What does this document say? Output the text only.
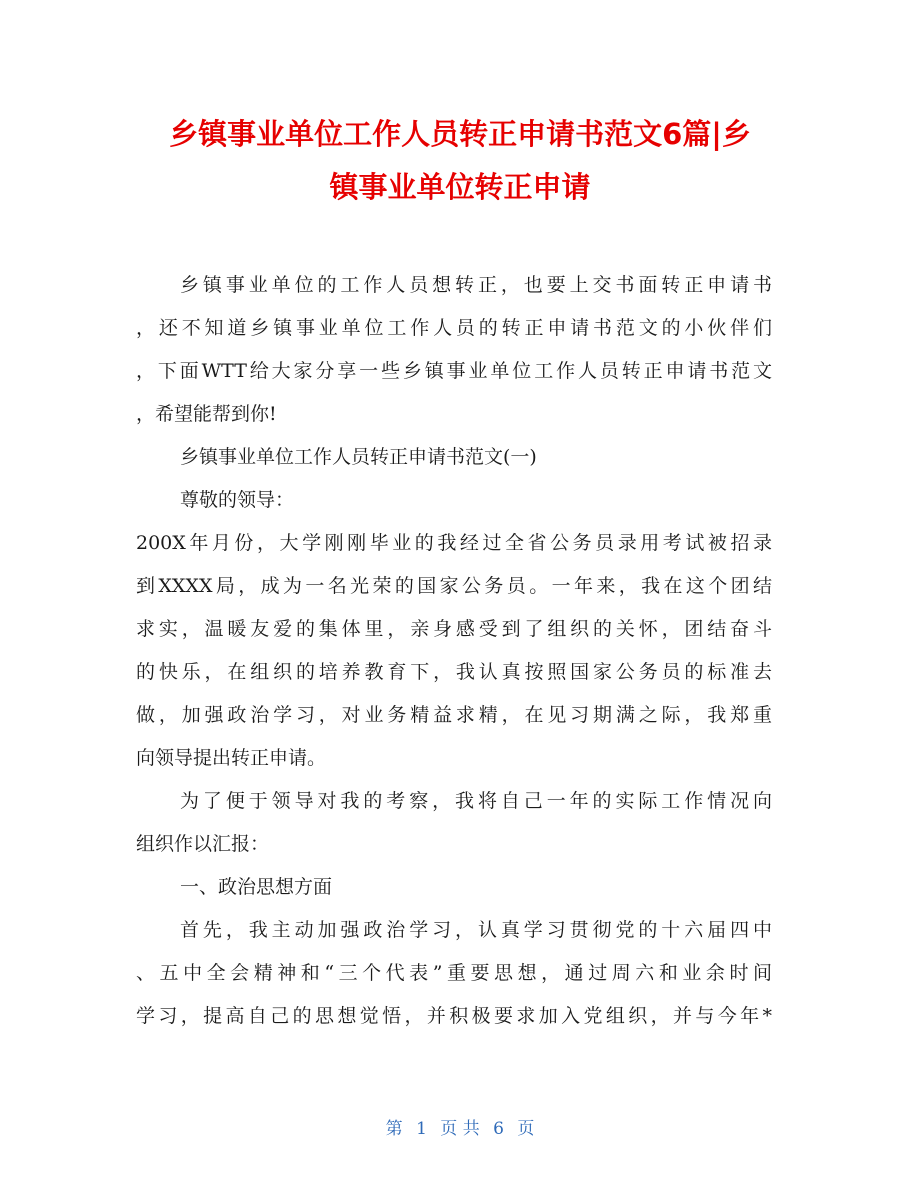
乡镇事业单位工作人员转正申请书范文6篇|乡
镇事业单位转正申请
乡镇事业单位的工作人员想转正，也要上交书面转正申请书
，还不知道乡镇事业单位工作人员的转正申请书范文的小伙伴们
，下面WTT给大家分享一些乡镇事业单位工作人员转正申请书范文
，希望能帮到你!
乡镇事业单位工作人员转正申请书范文(一)
尊敬的领导：
200X年月份，大学刚刚毕业的我经过全省公务员录用考试被招录
到XXXX局，成为一名光荣的国家公务员。一年来，我在这个团结
求实，温暖友爱的集体里，亲身感受到了组织的关怀，团结奋斗
的快乐，在组织的培养教育下，我认真按照国家公务员的标准去
做，加强政治学习，对业务精益求精，在见习期满之际，我郑重
向领导提出转正申请。
为了便于领导对我的考察，我将自己一年的实际工作情况向
组织作以汇报：
一、政治思想方面
首先，我主动加强政治学习，认真学习贯彻党的十六届四中
、五中全会精神和“三个代表”重要思想，通过周六和业余时间
学习，提高自己的思想觉悟，并积极要求加入党组织，并与今年*
第 1 页 共 6 页
